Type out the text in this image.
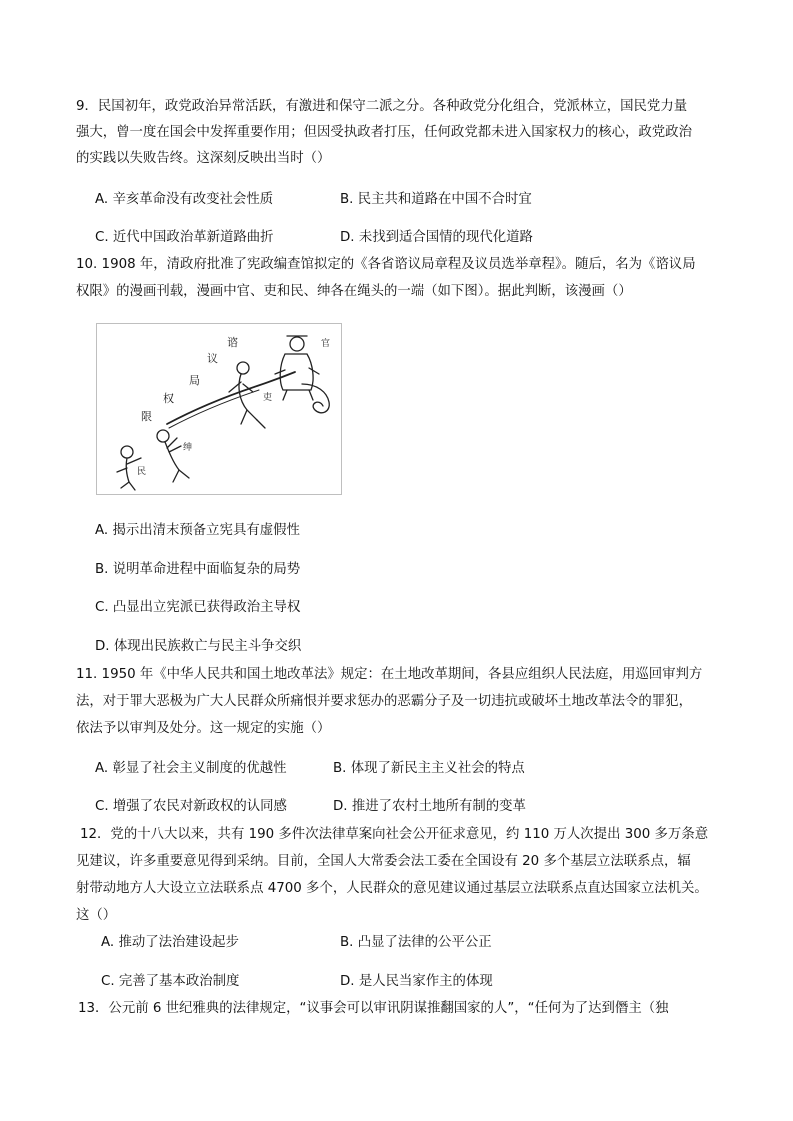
9．民国初年，政党政治异常活跃，有激进和保守二派之分。各种政党分化组合，党派林立，国民党力量
强大，曾一度在国会中发挥重要作用；但因受执政者打压，任何政党都未进入国家权力的核心，政党政治
的实践以失败告终。这深刻反映出当时（）
A. 辛亥革命没有改变社会性质	B. 民主共和道路在中国不合时宜
C. 近代中国政治革新道路曲折	D. 未找到适合国情的现代化道路
10. 1908 年，清政府批准了宪政编查馆拟定的《各省谘议局章程及议员选举章程》。随后，名为《谘议局
权限》的漫画刊载，漫画中官、吏和民、绅各在绳头的一端（如下图）。据此判断，该漫画（）
谘
议
局
权
限
官
吏
绅
民
A. 揭示出清末预备立宪具有虚假性
B. 说明革命进程中面临复杂的局势
C. 凸显出立宪派已获得政治主导权
D. 体现出民族救亡与民主斗争交织
11. 1950 年《中华人民共和国土地改革法》规定：在土地改革期间，各县应组织人民法庭，用巡回审判方
法，对于罪大恶极为广大人民群众所痛恨并要求惩办的恶霸分子及一切违抗或破坏土地改革法令的罪犯，
依法予以审判及处分。这一规定的实施（）
A. 彰显了社会主义制度的优越性	B. 体现了新民主主义社会的特点
C. 增强了农民对新政权的认同感	D. 推进了农村土地所有制的变革
12．党的十八大以来，共有 190 多件次法律草案向社会公开征求意见，约 110 万人次提出 300 多万条意
见建议，许多重要意见得到采纳。目前，全国人大常委会法工委在全国设有 20 多个基层立法联系点，辐
射带动地方人大设立立法联系点 4700 多个，人民群众的意见建议通过基层立法联系点直达国家立法机关。
这（）
A. 推动了法治建设起步	B. 凸显了法律的公平公正
C. 完善了基本政治制度	D. 是人民当家作主的体现
13．公元前 6 世纪雅典的法律规定，“议事会可以审讯阴谋推翻国家的人”，“任何为了达到僭主（独
